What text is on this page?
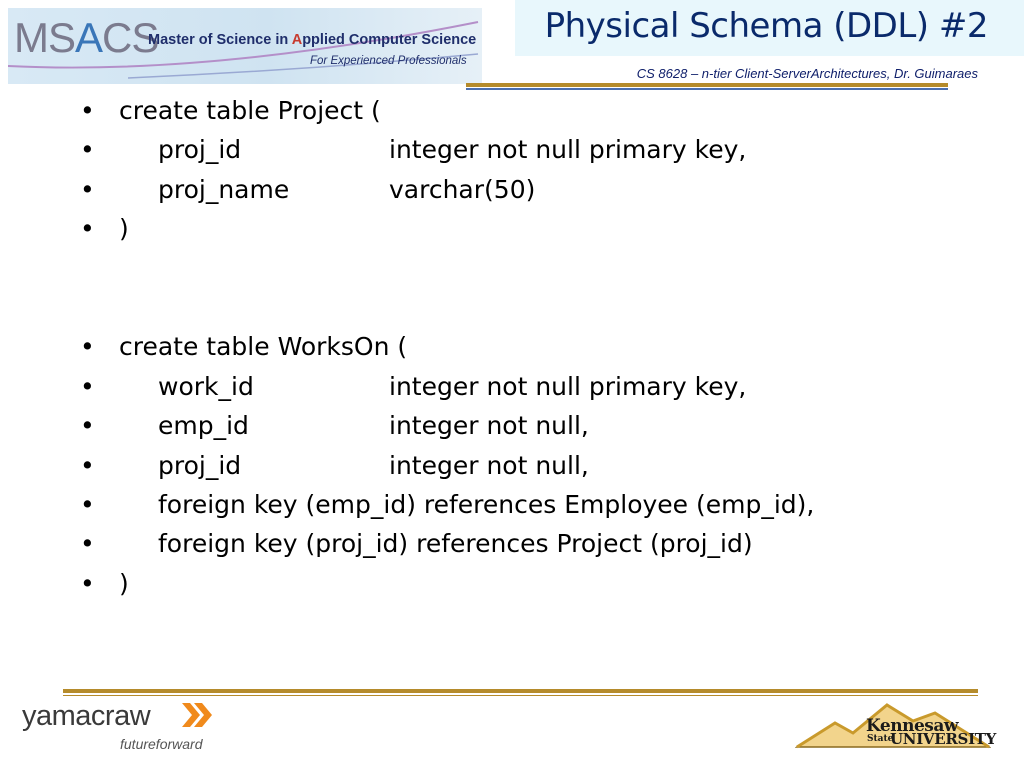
MSACS
Master of Science in Applied Computer Science
For Experienced Professionals
Physical Schema (DDL) #2
CS 8628 – n-tier Client-ServerArchitectures, Dr. Guimaraes
• create table Project (
•	proj_id	integer not null primary key,
•	proj_name	varchar(50)
• )
• create table WorksOn (
•	work_id	integer not null primary key,
•	emp_id	integer not null,
•	proj_id	integer not null,
•	foreign key (emp_id) references Employee (emp_id),
•	foreign key (proj_id) references Project (proj_id)
• )
yamacraw
futureforward
Kennesaw
State
UNIVERSITY
